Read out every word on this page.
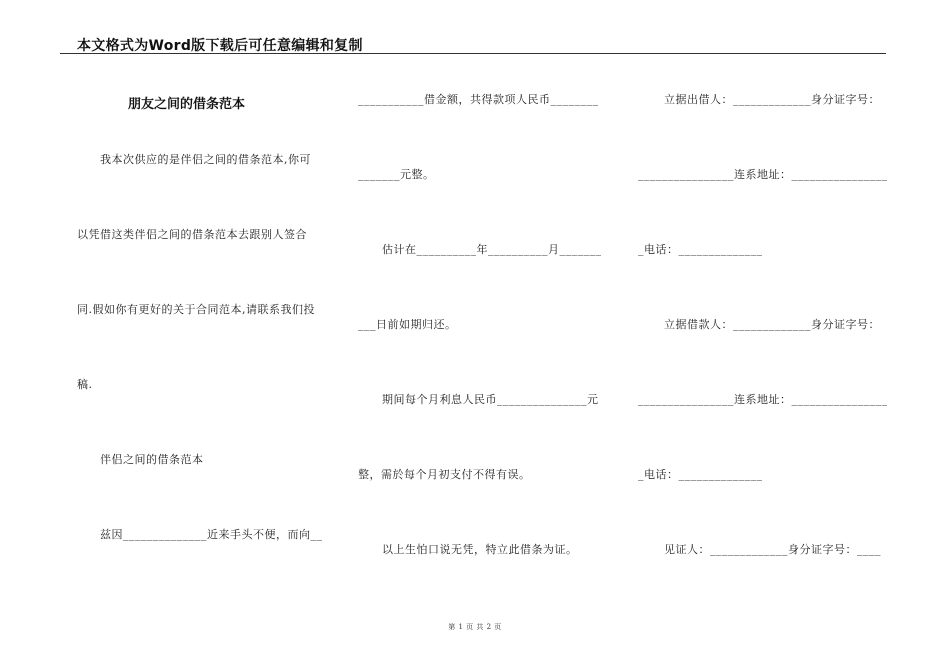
本文格式为Word版下载后可任意编辑和复制
朋友之间的借条范本
我本次供应的是伴侣之间的借条范本,你可
以凭借这类伴侣之间的借条范本去跟别人签合
同.假如你有更好的关于合同范本,请联系我们投
稿.
伴侣之间的借条范本
兹因______________近来手头不便，而向__
___________借金额，共得款项人民币________
_______元整。
估计在__________年__________月_______
___日前如期归还。
期间每个月利息人民币_______________元
整，需於每个月初支付不得有误。
以上生怕口说无凭，特立此借条为证。
立据出借人：_____________身分证字号：
________________连系地址：________________
_电话：______________
立据借款人：_____________身分证字号：
________________连系地址：________________
_电话：______________
见证人：_____________身分证字号：____
第 1 页 共 2 页
